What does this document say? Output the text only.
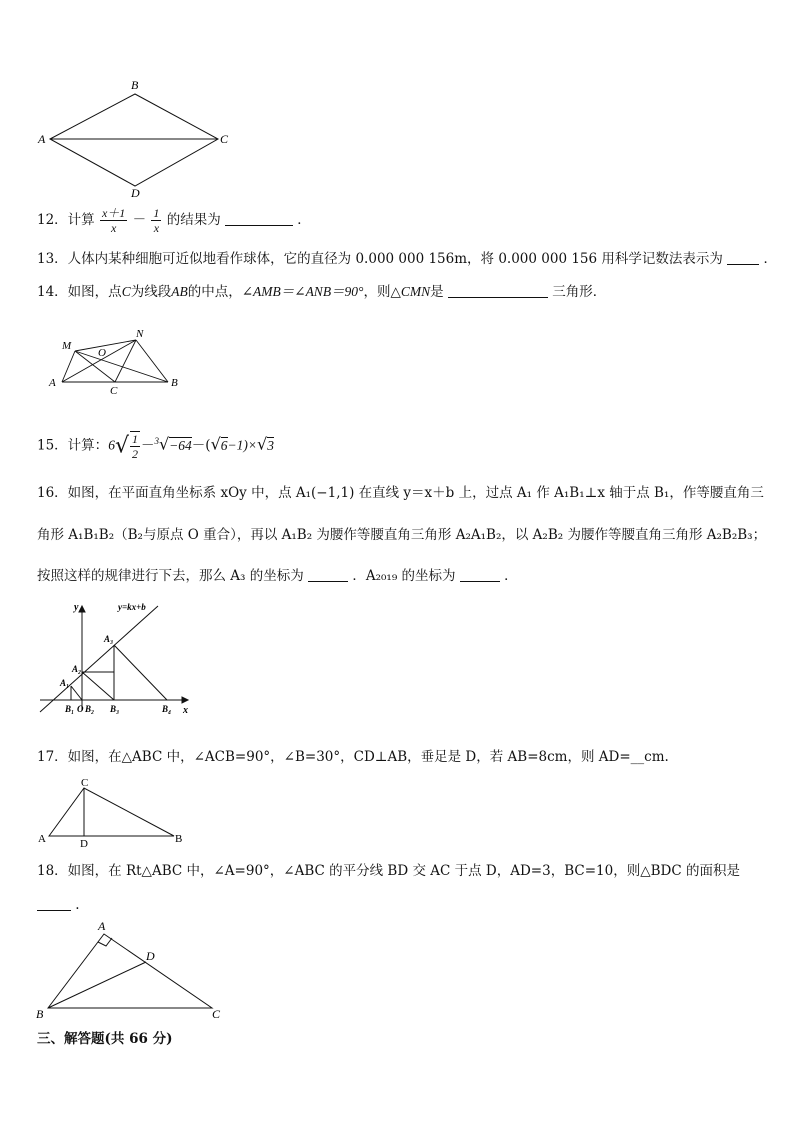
B
A	C
D
12．计算 $\frac{x+1}{x} - \frac{1}{x}$ 的结果为	．
13．人体内某种细胞可近似地看作球体，它的直径为 0.000 000 156m，将 0.000 000 156 用科学记数法表示为	．
14．如图，点C为线段AB的中点，∠AMB＝∠ANB＝90°，则△CMN是	三角形．
M
N
O
A	B
C
15．计算：$6√ \frac{1}{2} -^3√-64-(√6-1)\times√3$
16．如图，在平面直角坐标系 xOy 中，点 A₁(−1,1) 在直线 y＝x＋b 上，过点 A₁ 作 A₁B₁⊥x 轴于点 B₁，作等腰直角三
角形 A₁B₁B₂（B₂与原点 O 重合），再以 A₁B₂ 为腰作等腰直角三角形 A₂A₁B₂，以 A₂B₂ 为腰作等腰直角三角形 A₂B₂B₃；
按照这样的规律进行下去，那么 A₃ 的坐标为	．A₂₀₁₉ 的坐标为	．
y	y=kx+b
A₃
A₂
A₁
B₁ O B₂ B₃	B₄ x
17．如图，在△ABC 中，∠ACB=90°，∠B=30°，CD⊥AB，垂足是 D，若 AB=8cm，则 AD=__cm.
C
A	B
D
18．如图，在 Rt△ABC 中，∠A=90°，∠ABC 的平分线 BD 交 AC 于点 D，AD=3，BC=10，则△BDC 的面积是
.
A
D
B	C
三、解答题(共 66 分)
